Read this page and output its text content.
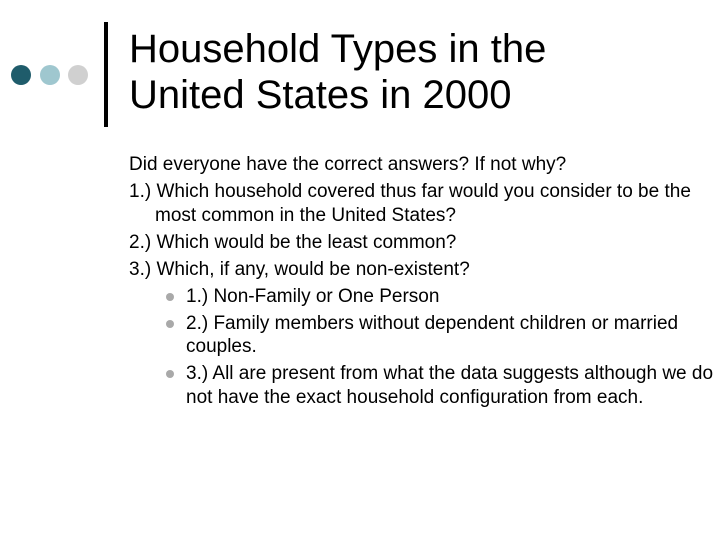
Household Types in the
United States in 2000

Did everyone have the correct answers? If not why?

1.) Which household covered thus far would you consider to be the most common in the United States?

2.) Which would be the least common?

3.) Which, if any, would be non-existent?

1.) Non-Family or One Person
2.) Family members without dependent children or married couples.
3.) All are present from what the data suggests although we do not have the exact household configuration from each.
